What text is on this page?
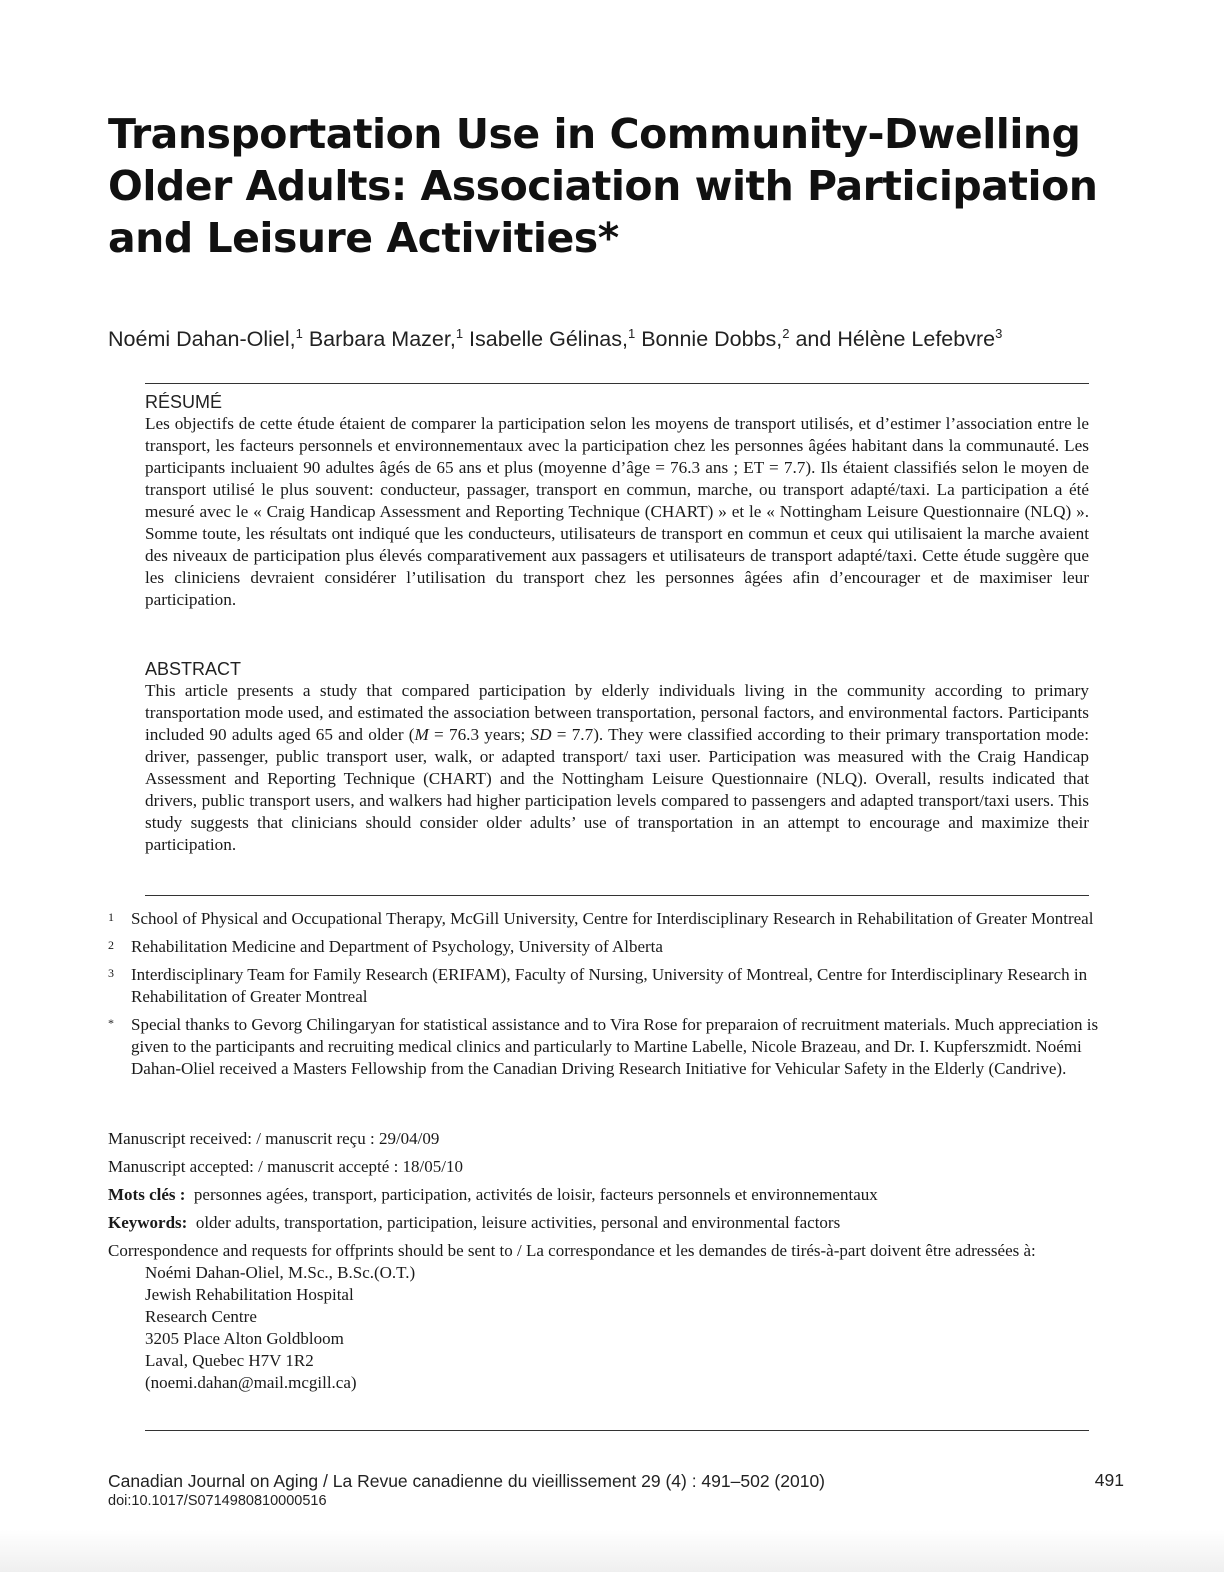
Transportation Use in Community-Dwelling Older Adults: Association with Participation and Leisure Activities*
Noémi Dahan-Oliel,$^1$ Barbara Mazer,$^1$ Isabelle Gélinas,$^1$ Bonnie Dobbs,$^2$ and Hélène Lefebvre$^3$
RÉSUMÉ

Les objectifs de cette étude étaient de comparer la participation selon les moyens de transport utilisés, et d’estimer l’association entre le transport, les facteurs personnels et environnementaux avec la participation chez les personnes âgées habitant dans la communauté. Les participants incluaient 90 adultes âgés de 65 ans et plus (moyenne d’âge = 76.3 ans ; ET = 7.7). Ils étaient classifiés selon le moyen de transport utilisé le plus souvent: conducteur, passager, transport en commun, marche, ou transport adapté/taxi. La participation a été mesuré avec le « Craig Handicap Assessment and Reporting Technique (CHART) » et le « Nottingham Leisure Questionnaire (NLQ) ». Somme toute, les résultats ont indiqué que les conducteurs, utilisateurs de transport en commun et ceux qui utilisaient la marche avaient des niveaux de participation plus élevés comparativement aux passagers et utilisateurs de transport adapté/taxi. Cette étude suggère que les cliniciens devraient considérer l’utilisation du transport chez les personnes âgées afin d’encourager et de maximiser leur participation.

ABSTRACT

This article presents a study that compared participation by elderly individuals living in the community according to primary transportation mode used, and estimated the association between transportation, personal factors, and environmental factors. Participants included 90 adults aged 65 and older (M = 76.3 years; SD = 7.7). They were classified according to their primary transportation mode: driver, passenger, public transport user, walk, or adapted transport/ taxi user. Participation was measured with the Craig Handicap Assessment and Reporting Technique (CHART) and the Nottingham Leisure Questionnaire (NLQ). Overall, results indicated that drivers, public transport users, and walkers had higher participation levels compared to passengers and adapted transport/taxi users. This study suggests that clinicians should consider older adults’ use of transportation in an attempt to encourage and maximize their participation.

1	School of Physical and Occupational Therapy, McGill University, Centre for Interdisciplinary Research in Rehabilitation of Greater Montreal
2	Rehabilitation Medicine and Department of Psychology, University of Alberta
3	Interdisciplinary Team for Family Research (ERIFAM), Faculty of Nursing, University of Montreal, Centre for Interdisciplinary Research in Rehabilitation of Greater Montreal
*	Special thanks to Gevorg Chilingaryan for statistical assistance and to Vira Rose for preparaion of recruitment materials. Much appreciation is given to the participants and recruiting medical clinics and particularly to Martine Labelle, Nicole Brazeau, and Dr. I. Kupferszmidt. Noémi Dahan-Oliel received a Masters Fellowship from the Canadian Driving Research Initiative for Vehicular Safety in the Elderly (Candrive).
Manuscript received: / manuscrit reçu : 29/04/09
Manuscript accepted: / manuscrit accepté : 18/05/10
Mots clés : personnes agées, transport, participation, activités de loisir, facteurs personnels et environnementaux
Keywords: older adults, transportation, participation, leisure activities, personal and environmental factors
Correspondence and requests for offprints should be sent to / La correspondance et les demandes de tirés-à-part doivent être adressées à:
Noémi Dahan-Oliel, M.Sc., B.Sc.(O.T.)
Jewish Rehabilitation Hospital
Research Centre
3205 Place Alton Goldbloom
Laval, Quebec H7V 1R2
(noemi.dahan@mail.mcgill.ca)
Canadian Journal on Aging / La Revue canadienne du vieillissement 29 (4) : 491–502 (2010)
doi:10.1017/S0714980810000516
491
